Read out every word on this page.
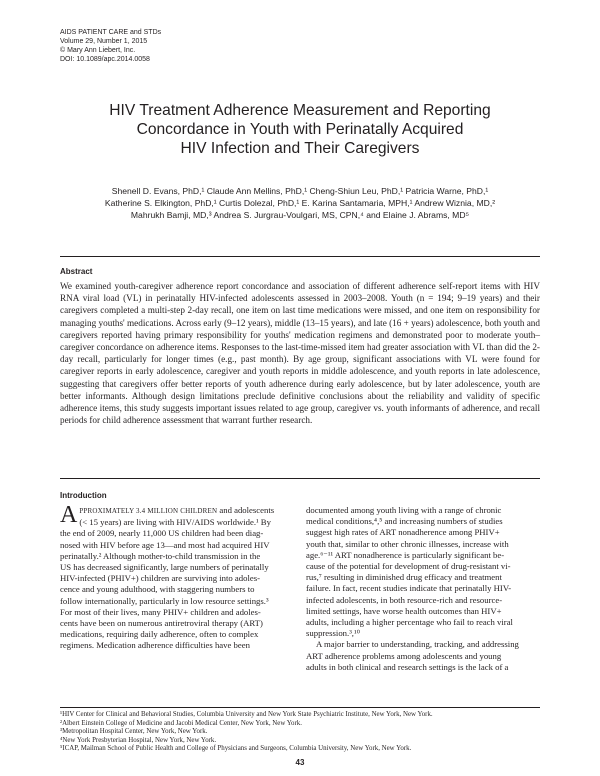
AIDS PATIENT CARE and STDs
Volume 29, Number 1, 2015
© Mary Ann Liebert, Inc.
DOI: 10.1089/apc.2014.0058
HIV Treatment Adherence Measurement and Reporting
Concordance in Youth with Perinatally Acquired
HIV Infection and Their Caregivers
Shenell D. Evans, PhD,¹ Claude Ann Mellins, PhD,¹ Cheng-Shiun Leu, PhD,¹ Patricia Warne, PhD,¹
Katherine S. Elkington, PhD,¹ Curtis Dolezal, PhD,¹ E. Karina Santamaria, MPH,¹ Andrew Wiznia, MD,²
Mahrukh Bamji, MD,³ Andrea S. Jurgrau-Voulgari, MS, CPN,⁴ and Elaine J. Abrams, MD⁵
Abstract
We examined youth-caregiver adherence report concordance and association of different adherence self-report items with HIV RNA viral load (VL) in perinatally HIV-infected adolescents assessed in 2003–2008. Youth (n = 194; 9–19 years) and their caregivers completed a multi-step 2-day recall, one item on last time medications were missed, and one item on responsibility for managing youths' medications. Across early (9–12 years), middle (13–15 years), and late (16 + years) adolescence, both youth and caregivers reported having primary responsibility for youths' medication regimens and demonstrated poor to moderate youth–caregiver concordance on adherence items. Responses to the last-time-missed item had greater association with VL than did the 2-day recall, particularly for longer times (e.g., past month). By age group, significant associations with VL were found for caregiver reports in early adolescence, caregiver and youth reports in middle adolescence, and youth reports in late adolescence, suggesting that caregivers offer better reports of youth adherence during early adolescence, but by later adolescence, youth are better informants. Although design limitations preclude definitive conclusions about the reliability and validity of specific adherence items, this study suggests important issues related to age group, caregiver vs. youth informants of adherence, and recall periods for child adherence assessment that warrant further research.
Introduction
APPROXIMATELY 3.4 MILLION CHILDREN and adolescents
(< 15 years) are living with HIV/AIDS worldwide.¹ By
the end of 2009, nearly 11,000 US children had been diag-
nosed with HIV before age 13—and most had acquired HIV
perinatally.² Although mother-to-child transmission in the
US has decreased significantly, large numbers of perinatally
HIV-infected (PHIV+) children are surviving into adoles-
cence and young adulthood, with staggering numbers to
follow internationally, particularly in low resource settings.³
For most of their lives, many PHIV+ children and adoles-
cents have been on numerous antiretroviral therapy (ART)
medications, requiring daily adherence, often to complex
regimens. Medication adherence difficulties have been
documented among youth living with a range of chronic
medical conditions,⁴,⁵ and increasing numbers of studies
suggest high rates of ART nonadherence among PHIV+
youth that, similar to other chronic illnesses, increase with
age.⁶⁻¹¹ ART nonadherence is particularly significant be-
cause of the potential for development of drug-resistant vi-
rus,⁷ resulting in diminished drug efficacy and treatment
failure. In fact, recent studies indicate that perinatally HIV-
infected adolescents, in both resource-rich and resource-
limited settings, have worse health outcomes than HIV+
adults, including a higher percentage who fail to reach viral
suppression.³,¹⁰
A major barrier to understanding, tracking, and addressing
ART adherence problems among adolescents and young
adults in both clinical and research settings is the lack of a
¹HIV Center for Clinical and Behavioral Studies, Columbia University and New York State Psychiatric Institute, New York, New York.
²Albert Einstein College of Medicine and Jacobi Medical Center, New York, New York.
³Metropolitan Hospital Center, New York, New York.
⁴New York Presbyterian Hospital, New York, New York.
⁵ICAP, Mailman School of Public Health and College of Physicians and Surgeons, Columbia University, New York, New York.
43
